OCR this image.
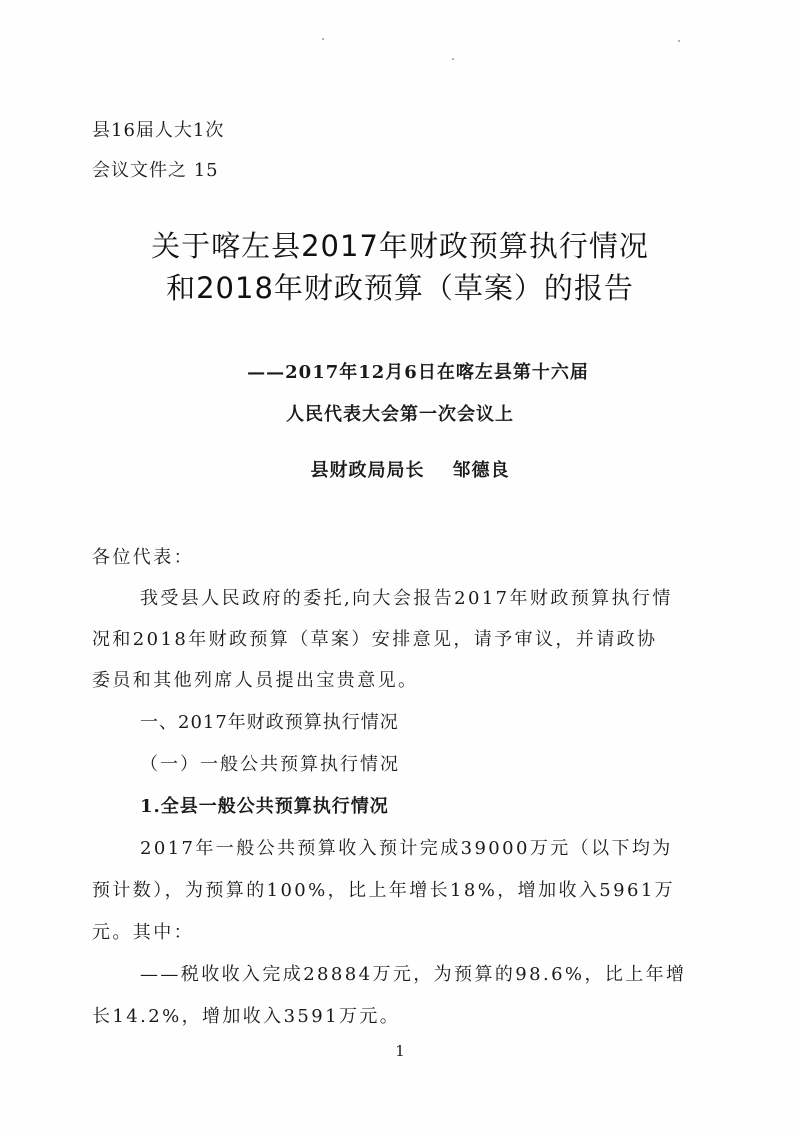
县16届人大1次
会议文件之 15
关于喀左县2017年财政预算执行情况
和2018年财政预算（草案）的报告
——2017年12月6日在喀左县第十六届
人民代表大会第一次会议上
县财政局局长 邹德良
各位代表：
我受县人民政府的委托,向大会报告2017年财政预算执行情
况和2018年财政预算（草案）安排意见，请予审议，并请政协
委员和其他列席人员提出宝贵意见。
一、2017年财政预算执行情况
（一）一般公共预算执行情况
1.全县一般公共预算执行情况
2017年一般公共预算收入预计完成39000万元（以下均为
预计数），为预算的100%，比上年增长18%，增加收入5961万
元。其中：
——税收收入完成28884万元，为预算的98.6%，比上年增
长14.2%，增加收入3591万元。
1
